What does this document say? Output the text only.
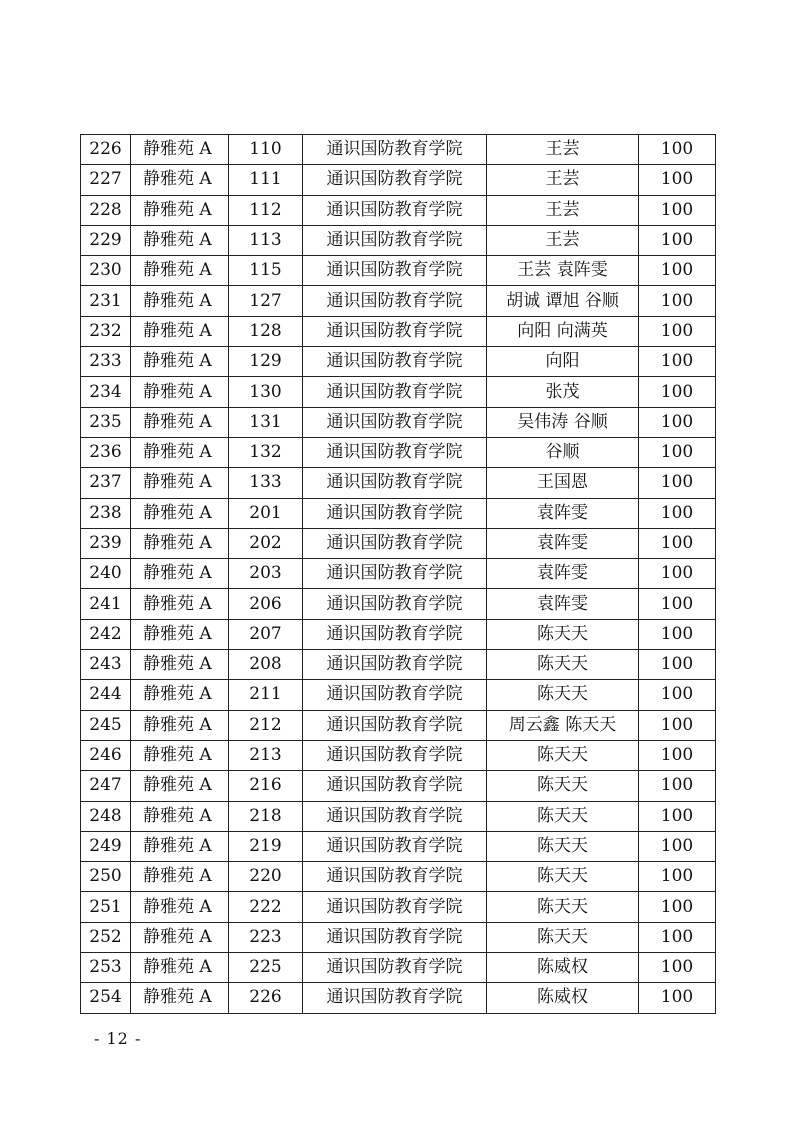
226	静雅苑 A	110	通识国防教育学院	王芸	100
227	静雅苑 A	111	通识国防教育学院	王芸	100
228	静雅苑 A	112	通识国防教育学院	王芸	100
229	静雅苑 A	113	通识国防教育学院	王芸	100
230	静雅苑 A	115	通识国防教育学院	王芸 袁阵雯	100
231	静雅苑 A	127	通识国防教育学院	胡诚 谭旭 谷顺	100
232	静雅苑 A	128	通识国防教育学院	向阳 向满英	100
233	静雅苑 A	129	通识国防教育学院	向阳	100
234	静雅苑 A	130	通识国防教育学院	张茂	100
235	静雅苑 A	131	通识国防教育学院	吴伟涛 谷顺	100
236	静雅苑 A	132	通识国防教育学院	谷顺	100
237	静雅苑 A	133	通识国防教育学院	王国恩	100
238	静雅苑 A	201	通识国防教育学院	袁阵雯	100
239	静雅苑 A	202	通识国防教育学院	袁阵雯	100
240	静雅苑 A	203	通识国防教育学院	袁阵雯	100
241	静雅苑 A	206	通识国防教育学院	袁阵雯	100
242	静雅苑 A	207	通识国防教育学院	陈天天	100
243	静雅苑 A	208	通识国防教育学院	陈天天	100
244	静雅苑 A	211	通识国防教育学院	陈天天	100
245	静雅苑 A	212	通识国防教育学院	周云鑫 陈天天	100
246	静雅苑 A	213	通识国防教育学院	陈天天	100
247	静雅苑 A	216	通识国防教育学院	陈天天	100
248	静雅苑 A	218	通识国防教育学院	陈天天	100
249	静雅苑 A	219	通识国防教育学院	陈天天	100
250	静雅苑 A	220	通识国防教育学院	陈天天	100
251	静雅苑 A	222	通识国防教育学院	陈天天	100
252	静雅苑 A	223	通识国防教育学院	陈天天	100
253	静雅苑 A	225	通识国防教育学院	陈威权	100
254	静雅苑 A	226	通识国防教育学院	陈威权	100
- 12 -
